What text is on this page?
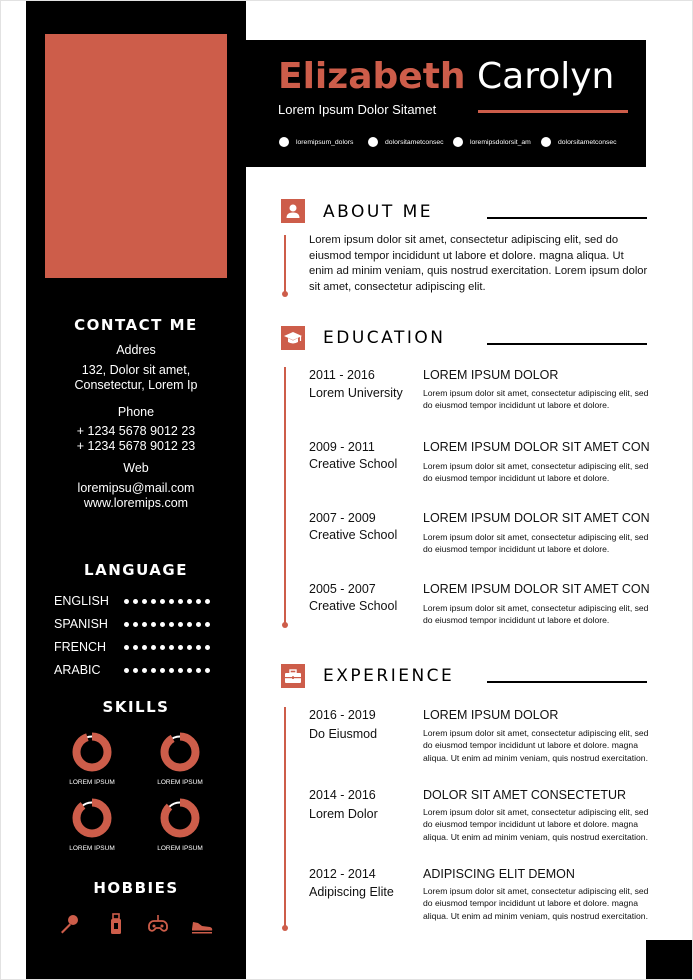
CONTACT ME
Addres
132, Dolor sit amet,
Consetectur, Lorem Ip
Phone
+ 1234 5678 9012 23
+ 1234 5678 9012 23
Web
loremipsu@mail.com
www.loremips.com
LANGUAGE
ENGLISH
SPANISH
FRENCH
ARABIC
SKILLS
LOREM IPSUM	LOREM IPSUM
LOREM IPSUM	LOREM IPSUM
HOBBIES
Elizabeth Carolyn
Lorem Ipsum Dolor Sitamet
loremipsum_dolors	dolorsitametconsec	loremipsdolorsit_am	dolorsitametconsec
ABOUT ME
Lorem ipsum dolor sit amet, consectetur adipiscing elit, sed do eiusmod tempor incididunt ut labore et dolore. magna aliqua. Ut enim ad minim veniam, quis nostrud exercitation. Lorem ipsum dolor sit amet, consectetur adipiscing elit.
EDUCATION
2011 - 2016
Lorem University
LOREM IPSUM DOLOR
Lorem ipsum dolor sit amet, consectetur adipiscing elit, sed do eiusmod tempor incididunt ut labore et dolore.
2009 - 2011
Creative School
LOREM IPSUM DOLOR SIT AMET CON
Lorem ipsum dolor sit amet, consectetur adipiscing elit, sed do eiusmod tempor incididunt ut labore et dolore.
2007 - 2009
Creative School
LOREM IPSUM DOLOR SIT AMET CON
Lorem ipsum dolor sit amet, consectetur adipiscing elit, sed do eiusmod tempor incididunt ut labore et dolore.
2005 - 2007
Creative School
LOREM IPSUM DOLOR SIT AMET CON
Lorem ipsum dolor sit amet, consectetur adipiscing elit, sed do eiusmod tempor incididunt ut labore et dolore.
EXPERIENCE
2016 - 2019
Do Eiusmod
LOREM IPSUM DOLOR
Lorem ipsum dolor sit amet, consectetur adipiscing elit, sed do eiusmod tempor incididunt ut labore et dolore. magna aliqua. Ut enim ad minim veniam, quis nostrud exercitation.
2014 - 2016
Lorem Dolor
DOLOR SIT AMET CONSECTETUR
Lorem ipsum dolor sit amet, consectetur adipiscing elit, sed do eiusmod tempor incididunt ut labore et dolore. magna aliqua. Ut enim ad minim veniam, quis nostrud exercitation.
2012 - 2014
Adipiscing Elite
ADIPISCING ELIT DEMON
Lorem ipsum dolor sit amet, consectetur adipiscing elit, sed do eiusmod tempor incididunt ut labore et dolore. magna aliqua. Ut enim ad minim veniam, quis nostrud exercitation.
